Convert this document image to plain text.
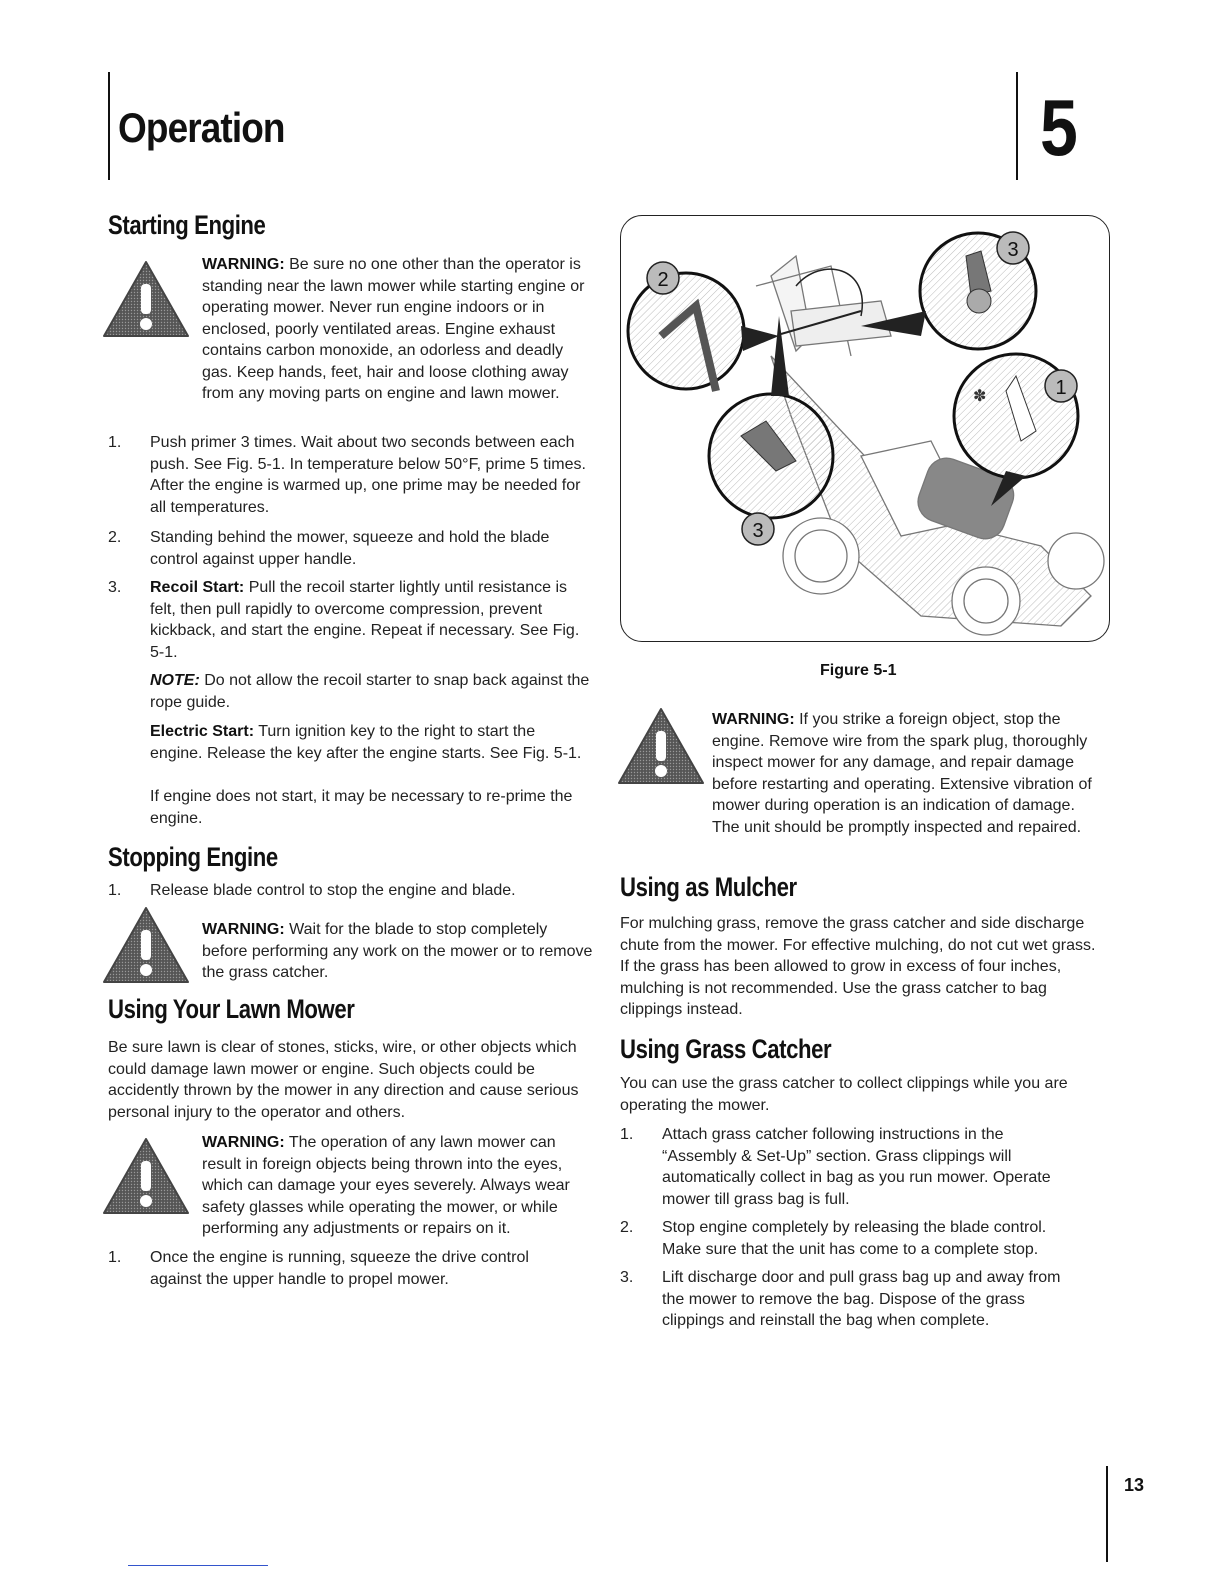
Operation	5
Starting Engine
WARNING: Be sure no one other than the operator is standing near the lawn mower while starting engine or operating mower. Never run engine indoors or in enclosed, poorly ventilated areas. Engine exhaust contains carbon monoxide, an odorless and deadly gas. Keep hands, feet, hair and loose clothing away from any moving parts on engine and lawn mower.
1. Push primer 3 times. Wait about two seconds between each push. See Fig. 5-1. In temperature below 50°F, prime 5 times. After the engine is warmed up, one prime may be needed for all temperatures.
2. Standing behind the mower, squeeze and hold the blade control against upper handle.
3. Recoil Start: Pull the recoil starter lightly until resistance is felt, then pull rapidly to overcome compression, prevent kickback, and start the engine. Repeat if necessary. See Fig. 5-1.
NOTE: Do not allow the recoil starter to snap back against the rope guide.
Electric Start: Turn ignition key to the right to start the engine. Release the key after the engine starts. See Fig. 5-1.
If engine does not start, it may be necessary to re-prime the engine.
Stopping Engine
1. Release blade control to stop the engine and blade.
WARNING: Wait for the blade to stop completely before performing any work on the mower or to remove the grass catcher.
Using Your Lawn Mower
Be sure lawn is clear of stones, sticks, wire, or other objects which could damage lawn mower or engine. Such objects could be accidently thrown by the mower in any direction and cause serious personal injury to the operator and others.
WARNING: The operation of any lawn mower can result in foreign objects being thrown into the eyes, which can damage your eyes severely. Always wear safety glasses while operating the mower, or while performing any adjustments or repairs on it.
1. Once the engine is running, squeeze the drive control against the upper handle to propel mower.
2
3
✽	1
3
Figure 5-1
WARNING: If you strike a foreign object, stop the engine. Remove wire from the spark plug, thoroughly inspect mower for any damage, and repair damage before restarting and operating. Extensive vibration of mower during operation is an indication of damage. The unit should be promptly inspected and repaired.
Using as Mulcher
For mulching grass, remove the grass catcher and side discharge chute from the mower. For effective mulching, do not cut wet grass. If the grass has been allowed to grow in excess of four inches, mulching is not recommended. Use the grass catcher to bag clippings instead.
Using Grass Catcher
You can use the grass catcher to collect clippings while you are operating the mower.
1. Attach grass catcher following instructions in the “Assembly & Set-Up” section. Grass clippings will automatically collect in bag as you run mower. Operate mower till grass bag is full.
2. Stop engine completely by releasing the blade control. Make sure that the unit has come to a complete stop.
3. Lift discharge door and pull grass bag up and away from the mower to remove the bag. Dispose of the grass clippings and reinstall the bag when complete.
13
